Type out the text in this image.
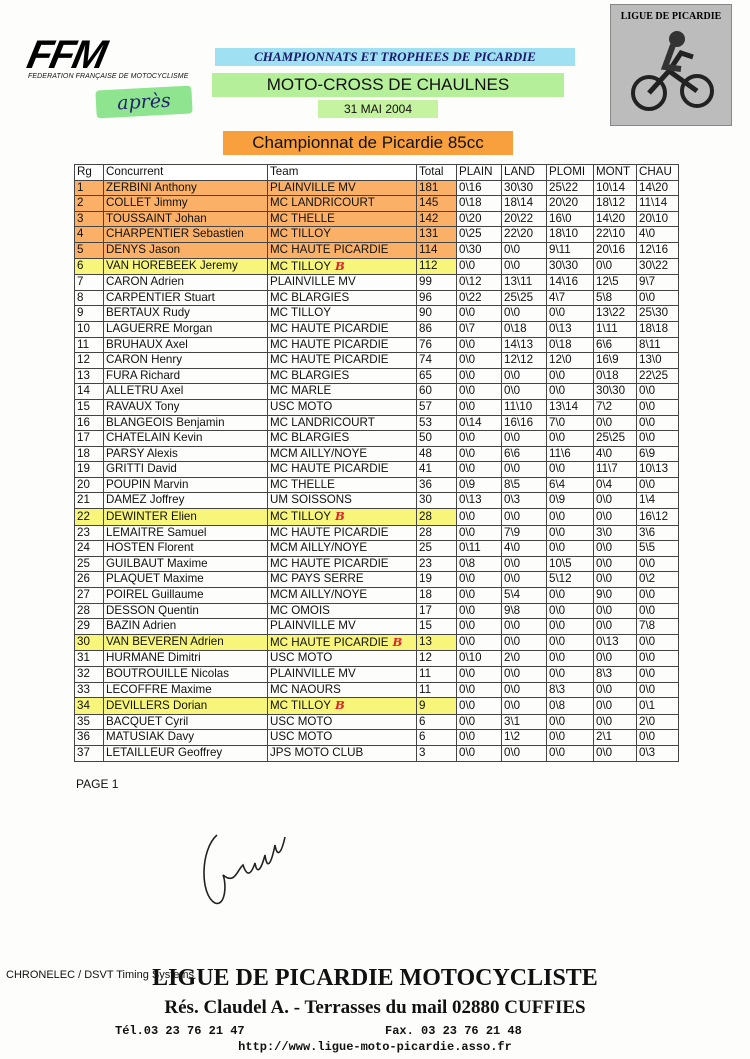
FFM
FEDERATION FRANÇAISE DE MOTOCYCLISME
CHAMPIONNATS ET TROPHEES DE PICARDIE
MOTO-CROSS DE CHAULNES
après	31 MAI 2004
Championnat de Picardie 85cc
LIGUE DE PICARDIE
Rg	Concurrent	Team	Total	PLAIN	LAND	PLOMI	MONT	CHAU
1	ZERBINI Anthony	PLAINVILLE MV	181	0\16	30\30	25\22	10\14	14\20
2	COLLET Jimmy	MC LANDRICOURT	145	0\18	18\14	20\20	18\12	11\14
3	TOUSSAINT Johan	MC THELLE	142	0\20	20\22	16\0	14\20	20\10
4	CHARPENTIER Sebastien	MC TILLOY	131	0\25	22\20	18\10	22\10	4\0
5	DENYS Jason	MC HAUTE PICARDIE	114	0\30	0\0	9\11	20\16	12\16
6	VAN HOREBEEK Jeremy	MC TILLOY B	112	0\0	0\0	30\30	0\0	30\22
7	CARON Adrien	PLAINVILLE MV	99	0\12	13\11	14\16	12\5	9\7
8	CARPENTIER Stuart	MC BLARGIES	96	0\22	25\25	4\7	5\8	0\0
9	BERTAUX Rudy	MC TILLOY	90	0\0	0\0	0\0	13\22	25\30
10	LAGUERRE Morgan	MC HAUTE PICARDIE	86	0\7	0\18	0\13	1\11	18\18
11	BRUHAUX Axel	MC HAUTE PICARDIE	76	0\0	14\13	0\18	6\6	8\11
12	CARON Henry	MC HAUTE PICARDIE	74	0\0	12\12	12\0	16\9	13\0
13	FURA Richard	MC BLARGIES	65	0\0	0\0	0\0	0\18	22\25
14	ALLETRU Axel	MC MARLE	60	0\0	0\0	0\0	30\30	0\0
15	RAVAUX Tony	USC MOTO	57	0\0	11\10	13\14	7\2	0\0
16	BLANGEOIS Benjamin	MC LANDRICOURT	53	0\14	16\16	7\0	0\0	0\0
17	CHATELAIN Kevin	MC BLARGIES	50	0\0	0\0	0\0	25\25	0\0
18	PARSY Alexis	MCM AILLY/NOYE	48	0\0	6\6	11\6	4\0	6\9
19	GRITTI David	MC HAUTE PICARDIE	41	0\0	0\0	0\0	11\7	10\13
20	POUPIN Marvin	MC THELLE	36	0\9	8\5	6\4	0\4	0\0
21	DAMEZ Joffrey	UM SOISSONS	30	0\13	0\3	0\9	0\0	1\4
22	DEWINTER Elien	MC TILLOY B	28	0\0	0\0	0\0	0\0	16\12
23	LEMAITRE Samuel	MC HAUTE PICARDIE	28	0\0	7\9	0\0	3\0	3\6
24	HOSTEN Florent	MCM AILLY/NOYE	25	0\11	4\0	0\0	0\0	5\5
25	GUILBAUT Maxime	MC HAUTE PICARDIE	23	0\8	0\0	10\5	0\0	0\0
26	PLAQUET Maxime	MC PAYS SERRE	19	0\0	0\0	5\12	0\0	0\2
27	POIREL Guillaume	MCM AILLY/NOYE	18	0\0	5\4	0\0	9\0	0\0
28	DESSON Quentin	MC OMOIS	17	0\0	9\8	0\0	0\0	0\0
29	BAZIN Adrien	PLAINVILLE MV	15	0\0	0\0	0\0	0\0	7\8
30	VAN BEVEREN Adrien	MC HAUTE PICARDIE B	13	0\0	0\0	0\0	0\13	0\0
31	HURMANE Dimitri	USC MOTO	12	0\10	2\0	0\0	0\0	0\0
32	BOUTROUILLE Nicolas	PLAINVILLE MV	11	0\0	0\0	0\0	8\3	0\0
33	LECOFFRE Maxime	MC NAOURS	11	0\0	0\0	8\3	0\0	0\0
34	DEVILLERS Dorian	MC TILLOY B	9	0\0	0\0	0\8	0\0	0\1
35	BACQUET Cyril	USC MOTO	6	0\0	3\1	0\0	0\0	2\0
36	MATUSIAK Davy	USC MOTO	6	0\0	1\2	0\0	2\1	0\0
37	LETAILLEUR Geoffrey	JPS MOTO CLUB	3	0\0	0\0	0\0	0\0	0\3
PAGE 1
LIGUE DE PICARDIE MOTOCYCLISTE
CHRONELEC / DSVT Timing Systems
Rés. Claudel A. - Terrasses du mail 02880 CUFFIES
Tél.03 23 76 21 47	Fax. 03 23 76 21 48
http://www.ligue-moto-picardie.asso.fr
